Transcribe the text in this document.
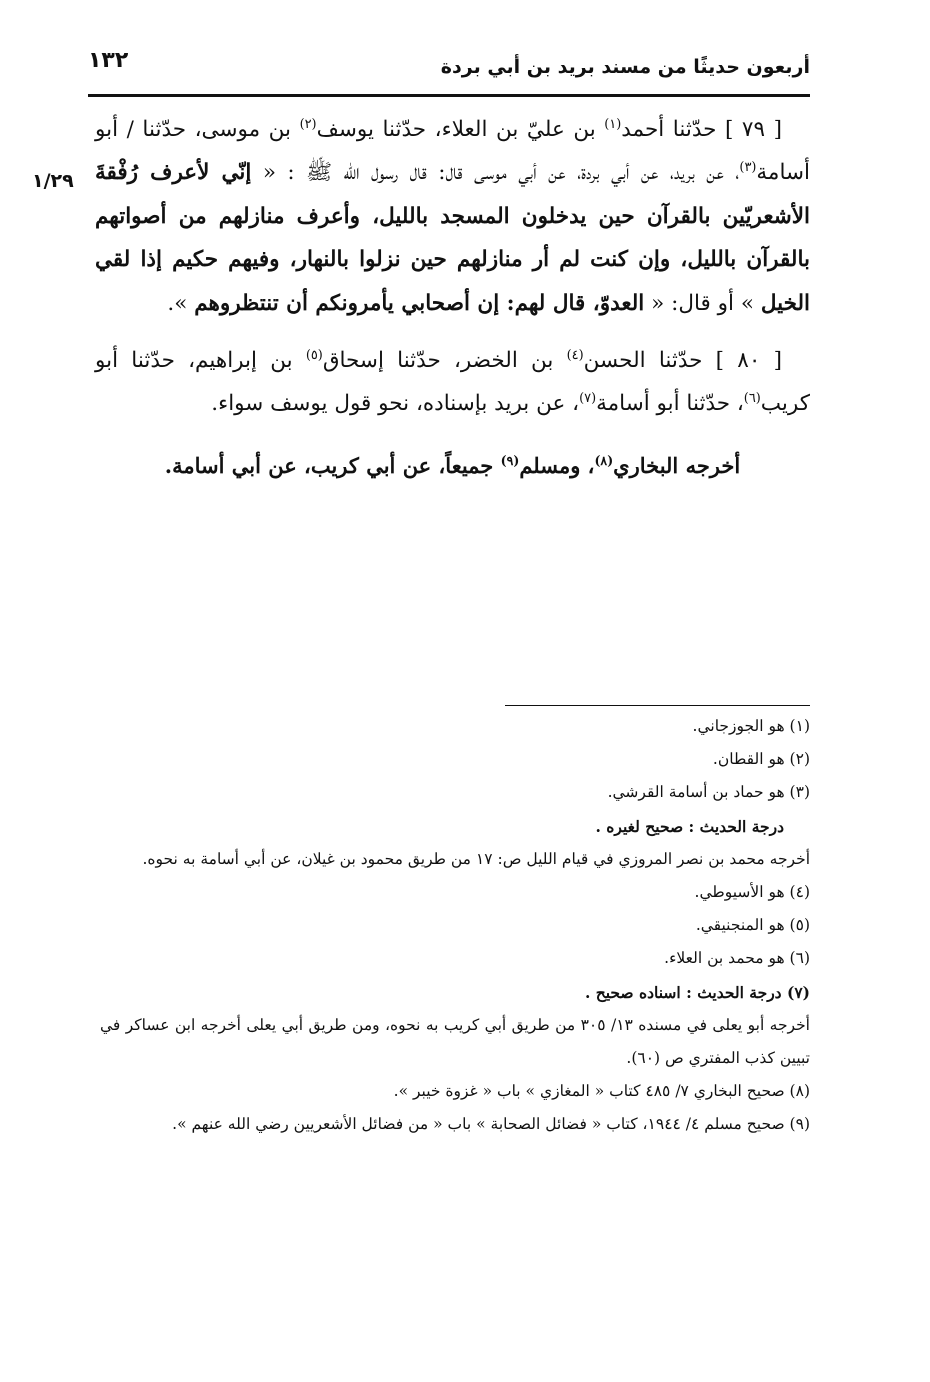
١٣٢	أربعون حديثًا من مسند بريد بن أبي بردة
١/٢٩

[ ٧٩ ] حدّثنا أحمد$^{(١)}$ بن عليّ بن العلاء، حدّثنا يوسف$^{(٢)}$ بن موسى، حدّثنا / أبو أسامة$^{(٣)}$، عن بريد، عن أبي بردة، عن أبي موسى قال: قال رسول الله ﷺ : « إنّي لأعرف رُفْقةَ الأشعريّين بالقرآن حين يدخلون المسجد بالليل، وأعرف منازلهم من أصواتهم بالقرآن بالليل، وإن كنت لم أر منازلهم حين نزلوا بالنهار، وفيهم حكيم إذا لقي الخيل » أو قال: « العدوّ، قال لهم: إن أصحابي يأمرونكم أن تنتظروهم ».

[ ٨٠ ] حدّثنا الحسن$^{(٤)}$ بن الخضر، حدّثنا إسحاق$^{(٥)}$ بن إبراهيم، حدّثنا أبو كريب$^{(٦)}$، حدّثنا أبو أسامة$^{(٧)}$، عن بريد بإسناده، نحو قول يوسف سواء.

أخرجه البخاري$^{(٨)}$، ومسلم$^{(٩)}$ جميعاً، عن أبي كريب، عن أبي أسامة.

(١) هو الجوزجاني.

(٢) هو القطان.

(٣) هو حماد بن أسامة القرشي.

درجة الحديث : صحيح لغيره .

أخرجه محمد بن نصر المروزي في قيام الليل ص: ١٧ من طريق محمود بن غيلان، عن أبي أسامة به نحوه.

(٤) هو الأسيوطي.

(٥) هو المنجنيقي.

(٦) هو محمد بن العلاء.

(٧) درجة الحديث : اسناده صحيح .

أخرجه أبو يعلى في مسنده ١٣/ ٣٠٥ من طريق أبي كريب به نحوه، ومن طريق أبي يعلى أخرجه ابن عساكر في تبيين كذب المفتري ص (٦٠).

(٨) صحيح البخاري ٧/ ٤٨٥ كتاب « المغازي » باب « غزوة خيبر ».

(٩) صحيح مسلم ٤/ ١٩٤٤، كتاب « فضائل الصحابة » باب « من فضائل الأشعريين رضي الله عنهم ».
